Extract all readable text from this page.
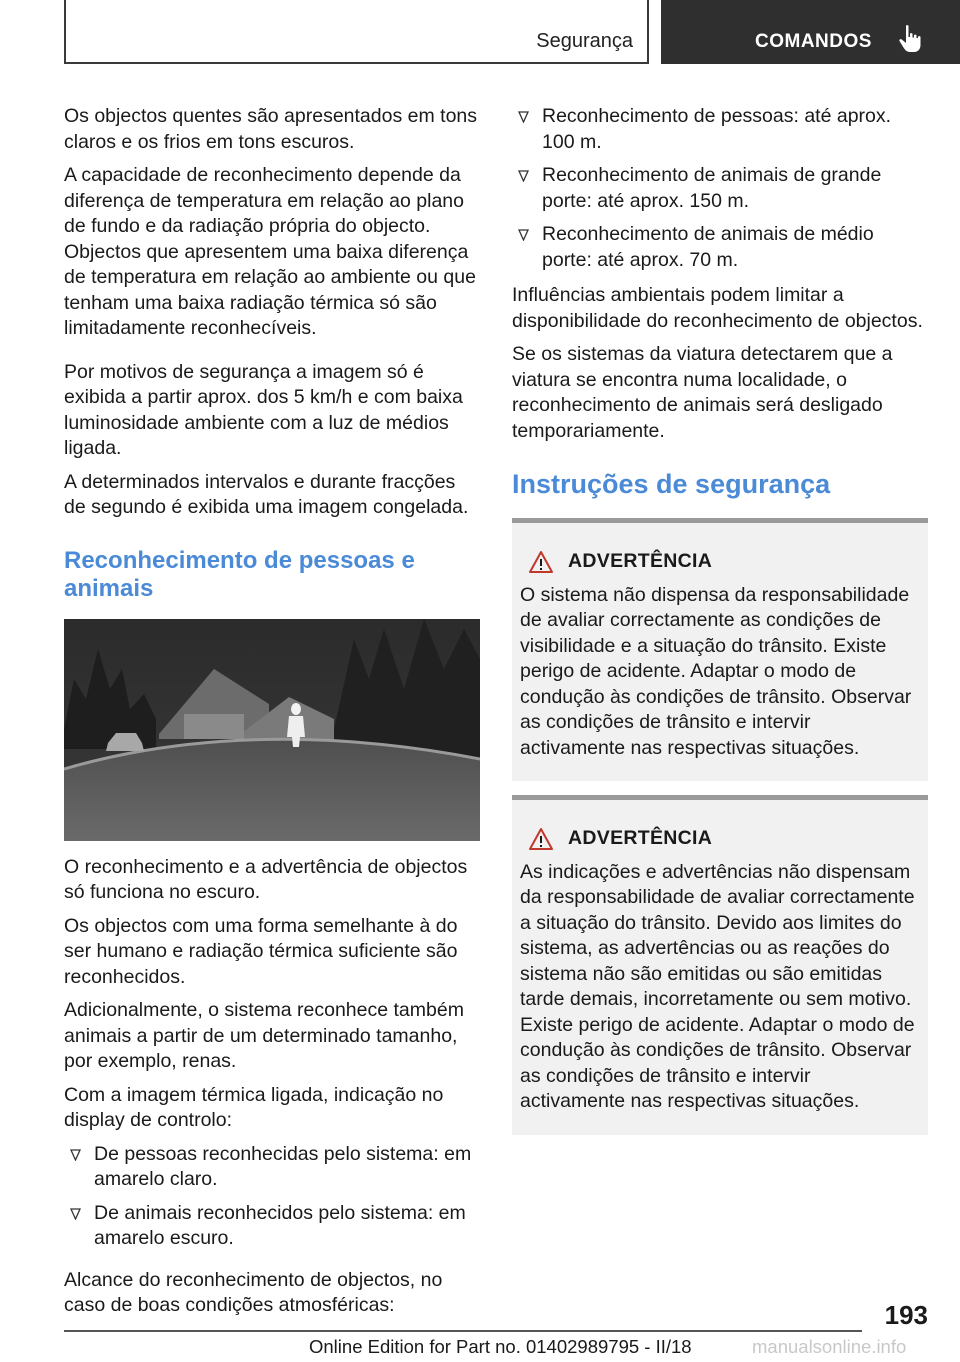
Segurança	COMANDOS

Os objectos quentes são apresentados em tons claros e os frios em tons escuros.

A capacidade de reconhecimento depende da diferença de temperatura em relação ao plano de fundo e da radiação própria do objecto. Objectos que apresentem uma baixa diferença de temperatura em relação ao ambiente ou que tenham uma baixa radiação térmica só são limitadamente reconhecíveis.

Por motivos de segurança a imagem só é exibida a partir aprox. dos 5 km/h e com baixa luminosidade ambiente com a luz de médios ligada.

A determinados intervalos e durante fracções de segundo é exibida uma imagem congelada.

Reconhecimento de pessoas e animais

O reconhecimento e a advertência de objectos só funciona no escuro.

Os objectos com uma forma semelhante à do ser humano e radiação térmica suficiente são reconhecidos.

Adicionalmente, o sistema reconhece também animais a partir de um determinado tamanho, por exemplo, renas.

Com a imagem térmica ligada, indicação no display de controlo:

De pessoas reconhecidas pelo sistema: em amarelo claro.
De animais reconhecidos pelo sistema: em amarelo escuro.

Alcance do reconhecimento de objectos, no caso de boas condições atmosféricas:

Reconhecimento de pessoas: até aprox. 100 m.
Reconhecimento de animais de grande porte: até aprox. 150 m.
Reconhecimento de animais de médio porte: até aprox. 70 m.

Influências ambientais podem limitar a disponibilidade do reconhecimento de objectos.

Se os sistemas da viatura detectarem que a viatura se encontra numa localidade, o reconhecimento de animais será desligado temporariamente.

Instruções de segurança
ADVERTÊNCIA
O sistema não dispensa da responsabilidade de avaliar correctamente as condições de visibilidade e a situação do trânsito. Existe perigo de acidente. Adaptar o modo de condução às condições de trânsito. Observar as condições de trânsito e intervir activamente nas respectivas situações.
ADVERTÊNCIA
As indicações e advertências não dispensam da responsabilidade de avaliar correctamente a situação do trânsito. Devido aos limites do sistema, as advertências ou as reações do sistema não são emitidas ou são emitidas tarde demais, incorretamente ou sem motivo. Existe perigo de acidente. Adaptar o modo de condução às condições de trânsito. Observar as condições de trânsito e intervir activamente nas respectivas situações.
193
Online Edition for Part no. 01402989795 - II/18	manualsonline.info
